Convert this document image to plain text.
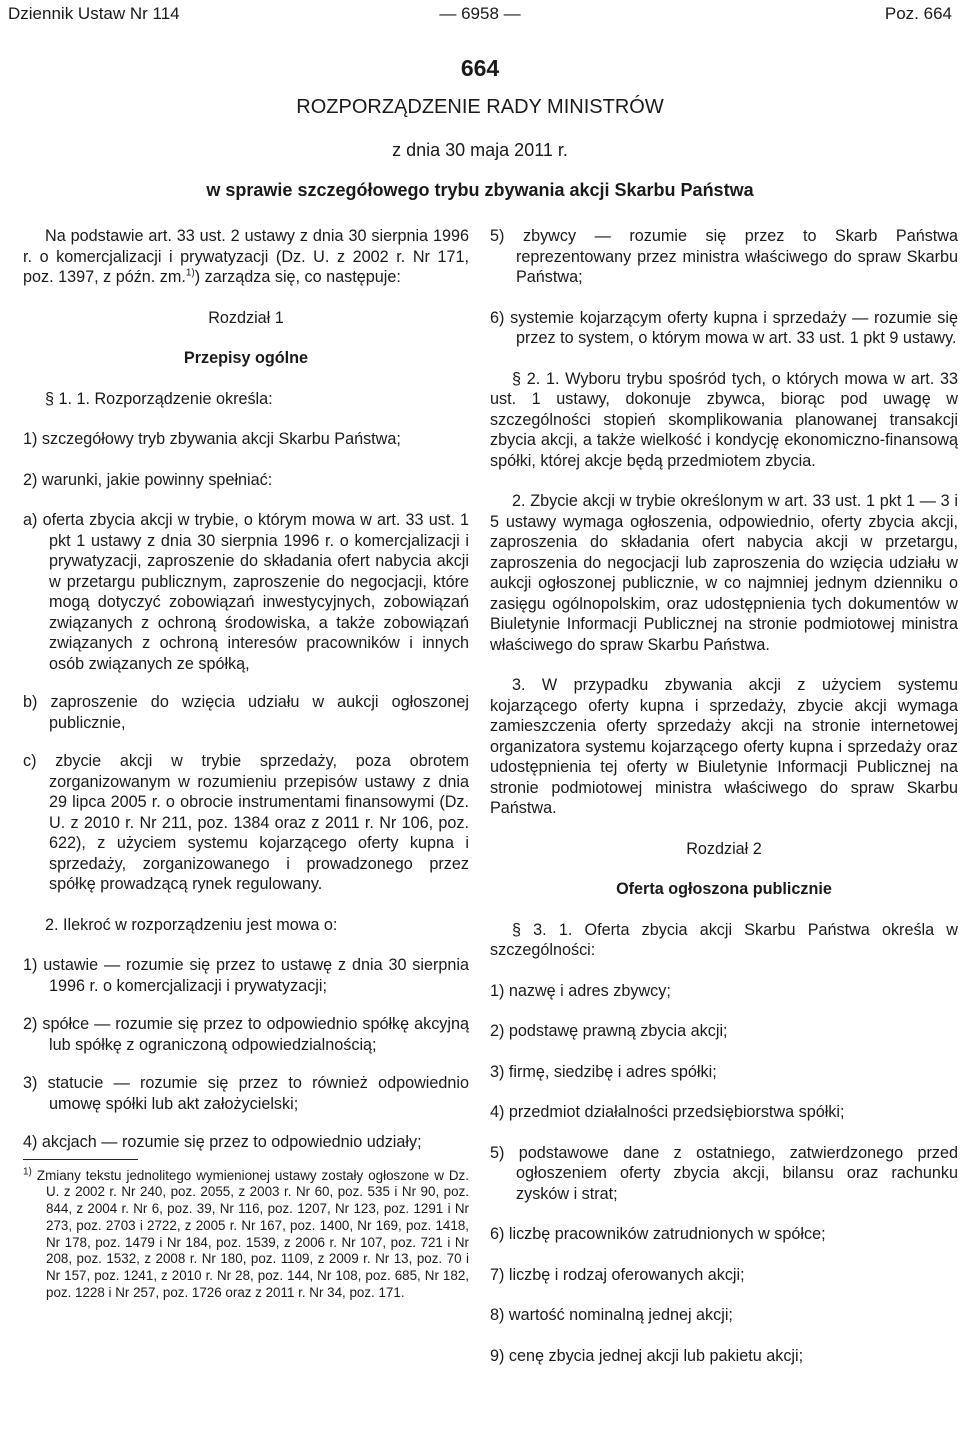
Dziennik Ustaw Nr 114	— 6958 —	Poz. 664
664
ROZPORZĄDZENIE RADY MINISTRÓW
z dnia 30 maja 2011 r.
w sprawie szczegółowego trybu zbywania akcji Skarbu Państwa

Na podstawie art. 33 ust. 2 ustawy z dnia 30 sierpnia 1996 r. o komercjalizacji i prywatyzacji (Dz. U. z 2002 r. Nr 171, poz. 1397, z późn. zm.$^{1)}$) zarządza się, co następuje:

Rozdział 1

Przepisy ogólne

§ 1. 1. Rozporządzenie określa:

1) szczegółowy tryb zbywania akcji Skarbu Państwa;

2) warunki, jakie powinny spełniać:

a) oferta zbycia akcji w trybie, o którym mowa w art. 33 ust. 1 pkt 1 ustawy z dnia 30 sierpnia 1996 r. o komercjalizacji i prywatyzacji, zaproszenie do składania ofert nabycia akcji w przetargu publicznym, zaproszenie do negocjacji, które mogą dotyczyć zobowiązań inwestycyjnych, zobowiązań związanych z ochroną środowiska, a także zobowiązań związanych z ochroną interesów pracowników i innych osób związanych ze spółką,

b) zaproszenie do wzięcia udziału w aukcji ogłoszonej publicznie,

c) zbycie akcji w trybie sprzedaży, poza obrotem zorganizowanym w rozumieniu przepisów ustawy z dnia 29 lipca 2005 r. o obrocie instrumentami finansowymi (Dz. U. z 2010 r. Nr 211, poz. 1384 oraz z 2011 r. Nr 106, poz. 622), z użyciem systemu kojarzącego oferty kupna i sprzedaży, zorganizowanego i prowadzonego przez spółkę prowadzącą rynek regulowany.

2. Ilekroć w rozporządzeniu jest mowa o:

1) ustawie — rozumie się przez to ustawę z dnia 30 sierpnia 1996 r. o komercjalizacji i prywatyzacji;

2) spółce — rozumie się przez to odpowiednio spółkę akcyjną lub spółkę z ograniczoną odpowiedzialnością;

3) statucie — rozumie się przez to również odpowiednio umowę spółki lub akt założycielski;

4) akcjach — rozumie się przez to odpowiednio udziały;

$^{1)}$ Zmiany tekstu jednolitego wymienionej ustawy zostały ogłoszone w Dz. U. z 2002 r. Nr 240, poz. 2055, z 2003 r. Nr 60, poz. 535 i Nr 90, poz. 844, z 2004 r. Nr 6, poz. 39, Nr 116, poz. 1207, Nr 123, poz. 1291 i Nr 273, poz. 2703 i 2722, z 2005 r. Nr 167, poz. 1400, Nr 169, poz. 1418, Nr 178, poz. 1479 i Nr 184, poz. 1539, z 2006 r. Nr 107, poz. 721 i Nr 208, poz. 1532, z 2008 r. Nr 180, poz. 1109, z 2009 r. Nr 13, poz. 70 i Nr 157, poz. 1241, z 2010 r. Nr 28, poz. 144, Nr 108, poz. 685, Nr 182, poz. 1228 i Nr 257, poz. 1726 oraz z 2011 r. Nr 34, poz. 171.

5) zbywcy — rozumie się przez to Skarb Państwa reprezentowany przez ministra właściwego do spraw Skarbu Państwa;

6) systemie kojarzącym oferty kupna i sprzedaży — rozumie się przez to system, o którym mowa w art. 33 ust. 1 pkt 9 ustawy.

§ 2. 1. Wyboru trybu spośród tych, o których mowa w art. 33 ust. 1 ustawy, dokonuje zbywca, biorąc pod uwagę w szczególności stopień skomplikowania planowanej transakcji zbycia akcji, a także wielkość i kondycję ekonomiczno-finansową spółki, której akcje będą przedmiotem zbycia.

2. Zbycie akcji w trybie określonym w art. 33 ust. 1 pkt 1 — 3 i 5 ustawy wymaga ogłoszenia, odpowiednio, oferty zbycia akcji, zaproszenia do składania ofert nabycia akcji w przetargu, zaproszenia do negocjacji lub zaproszenia do wzięcia udziału w aukcji ogłoszonej publicznie, w co najmniej jednym dzienniku o zasięgu ogólnopolskim, oraz udostępnienia tych dokumentów w Biuletynie Informacji Publicznej na stronie podmiotowej ministra właściwego do spraw Skarbu Państwa.

3. W przypadku zbywania akcji z użyciem systemu kojarzącego oferty kupna i sprzedaży, zbycie akcji wymaga zamieszczenia oferty sprzedaży akcji na stronie internetowej organizatora systemu kojarzącego oferty kupna i sprzedaży oraz udostępnienia tej oferty w Biuletynie Informacji Publicznej na stronie podmiotowej ministra właściwego do spraw Skarbu Państwa.

Rozdział 2

Oferta ogłoszona publicznie

§ 3. 1. Oferta zbycia akcji Skarbu Państwa określa w szczególności:

1) nazwę i adres zbywcy;

2) podstawę prawną zbycia akcji;

3) firmę, siedzibę i adres spółki;

4) przedmiot działalności przedsiębiorstwa spółki;

5) podstawowe dane z ostatniego, zatwierdzonego przed ogłoszeniem oferty zbycia akcji, bilansu oraz rachunku zysków i strat;

6) liczbę pracowników zatrudnionych w spółce;

7) liczbę i rodzaj oferowanych akcji;

8) wartość nominalną jednej akcji;

9) cenę zbycia jednej akcji lub pakietu akcji;
